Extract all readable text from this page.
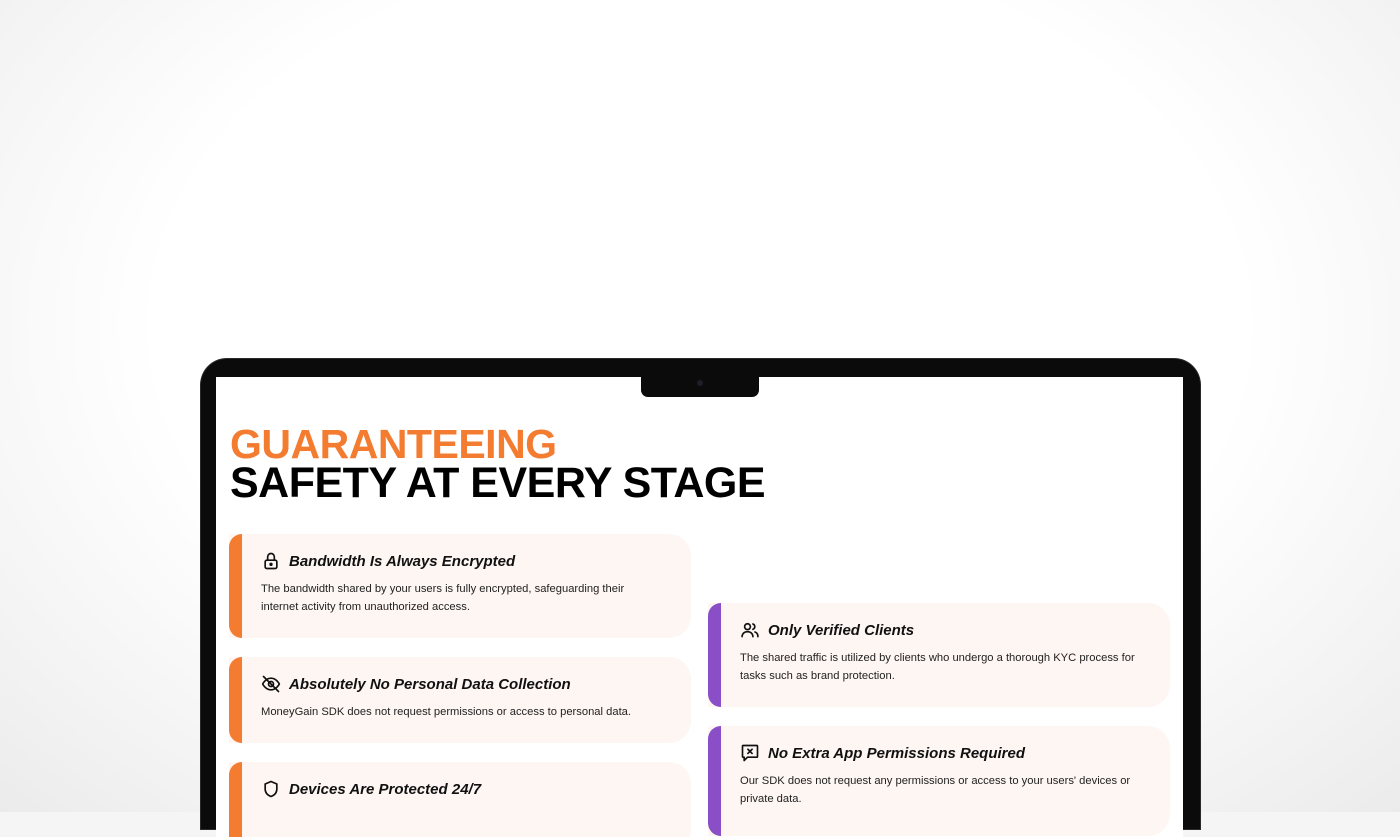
GUARANTEEING
SAFETY AT EVERY STAGE
Bandwidth Is Always Encrypted

The bandwidth shared by your users is fully encrypted, safeguarding their internet activity from unauthorized access.

Absolutely No Personal Data Collection

MoneyGain SDK does not request permissions or access to personal data.

Devices Are Protected 24/7

Only Verified Clients

The shared traffic is utilized by clients who undergo a thorough KYC process for tasks such as brand protection.

No Extra App Permissions Required

Our SDK does not request any permissions or access to your users' devices or private data.
